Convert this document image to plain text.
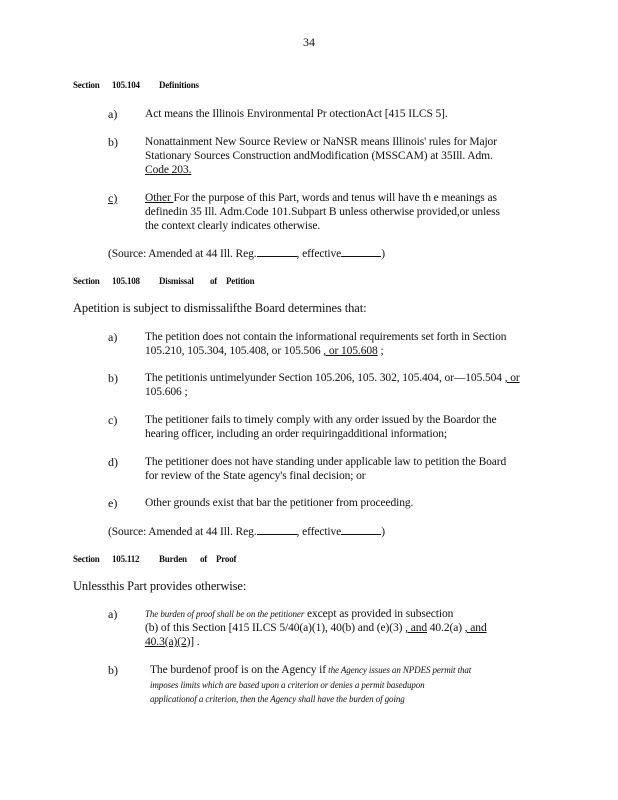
34
Section 105.104 Definitions
a) Act means the Illinois Environmental Pr otectionAct [415 ILCS 5].
b) Nonattainment New Source Review or NaNSR means Illinois' rules for Major
Stationary Sources Construction andModification (MSSCAM) at 35Ill. Adm.
Code 203.
c) Other For the purpose of this Part, words and tenus will have th e meanings as
definedin 35 Ill. Adm.Code 101.Subpart B unless otherwise provided,or unless
the context clearly indicates otherwise.
(Source: Amended at 44 Ill. Reg.	, effective	)
Section 105.108 Dismissal of Petition
Apetition is subject to dismissalifthe Board determines that:
a) The petition does not contain the informational requirements set forth in Section
105.210, 105.304, 105.408, or 105.506 , or 105.608 ;
b) The petitionis untimelyunder Section 105.206, 105. 302, 105.404, or—105.504 , or
105.606 ;
c) The petitioner fails to timely comply with any order issued by the Boardor the
hearing officer, including an order requiringadditional information;
d) The petitioner does not have standing under applicable law to petition the Board
for review of the State agency's final decision; or
e) Other grounds exist that bar the petitioner from proceeding.
(Source: Amended at 44 Ill. Reg.	, effective	)
Section 105.112 Burden of Proof
Unlessthis Part provides otherwise:
a)	The burden of proof shall be on the petitioner except as provided in subsection
(b) of this Section [415 ILCS 5/40(a)(1), 40(b) and (e)(3) , and 40.2(a) , and
40.3(a)(2)] .
b)	The burdenof proof is on the Agency if the Agency issues an NPDES permit that
imposes limits which are based upon a criterion or denies a permit basedupon
applicationof a criterion, then the Agency shall have the burden of going
